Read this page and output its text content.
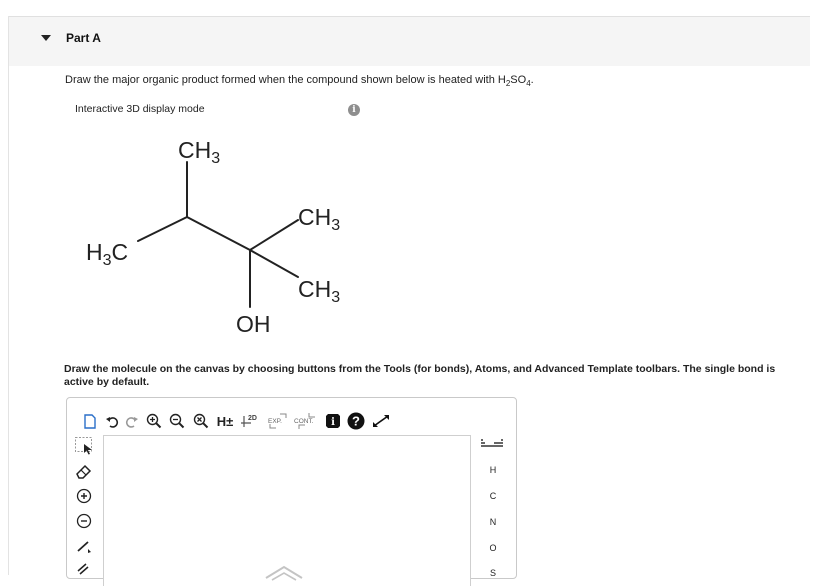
Part A
Draw the major organic product formed when the compound shown below is heated with $H_2SO_4$.
Interactive 3D display mode	i
CH3
H3C
CH3
CH3
OH
Draw the molecule on the canvas by choosing buttons from the Tools (for bonds), Atoms, and Advanced Template toolbars. The single bond is active by default.
H±	2D EXP. CONT. i ?
H
C
N
O
S
